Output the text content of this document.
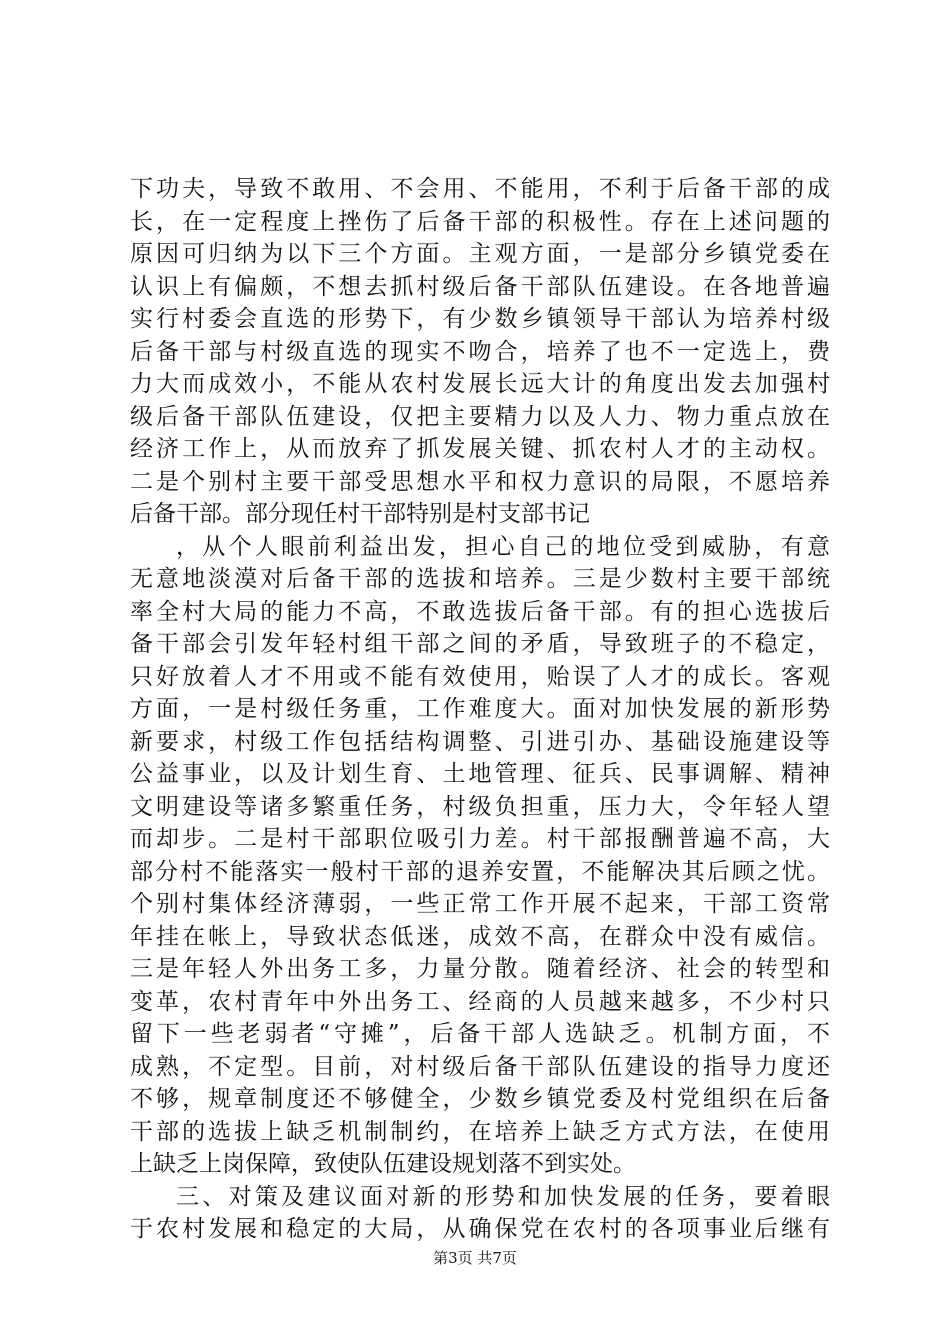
下功夫，导致不敢用、不会用、不能用，不利于后备干部的成
长，在一定程度上挫伤了后备干部的积极性。存在上述问题的
原因可归纳为以下三个方面。主观方面，一是部分乡镇党委在
认识上有偏颇，不想去抓村级后备干部队伍建设。在各地普遍
实行村委会直选的形势下，有少数乡镇领导干部认为培养村级
后备干部与村级直选的现实不吻合，培养了也不一定选上，费
力大而成效小，不能从农村发展长远大计的角度出发去加强村
级后备干部队伍建设，仅把主要精力以及人力、物力重点放在
经济工作上，从而放弃了抓发展关键、抓农村人才的主动权。
二是个别村主要干部受思想水平和权力意识的局限，不愿培养
后备干部。部分现任村干部特别是村支部书记
，从个人眼前利益出发，担心自己的地位受到威胁，有意
无意地淡漠对后备干部的选拔和培养。三是少数村主要干部统
率全村大局的能力不高，不敢选拔后备干部。有的担心选拔后
备干部会引发年轻村组干部之间的矛盾，导致班子的不稳定，
只好放着人才不用或不能有效使用，贻误了人才的成长。客观
方面，一是村级任务重，工作难度大。面对加快发展的新形势
新要求，村级工作包括结构调整、引进引办、基础设施建设等
公益事业，以及计划生育、土地管理、征兵、民事调解、精神
文明建设等诸多繁重任务，村级负担重，压力大，令年轻人望
而却步。二是村干部职位吸引力差。村干部报酬普遍不高，大
部分村不能落实一般村干部的退养安置，不能解决其后顾之忧。
个别村集体经济薄弱，一些正常工作开展不起来，干部工资常
年挂在帐上，导致状态低迷，成效不高，在群众中没有威信。
三是年轻人外出务工多，力量分散。随着经济、社会的转型和
变革，农村青年中外出务工、经商的人员越来越多，不少村只
留下一些老弱者“守摊”，后备干部人选缺乏。机制方面，不
成熟，不定型。目前，对村级后备干部队伍建设的指导力度还
不够，规章制度还不够健全，少数乡镇党委及村党组织在后备
干部的选拔上缺乏机制制约，在培养上缺乏方式方法，在使用
上缺乏上岗保障，致使队伍建设规划落不到实处。
三、对策及建议面对新的形势和加快发展的任务，要着眼
于农村发展和稳定的大局，从确保党在农村的各项事业后继有
第3页 共7页
